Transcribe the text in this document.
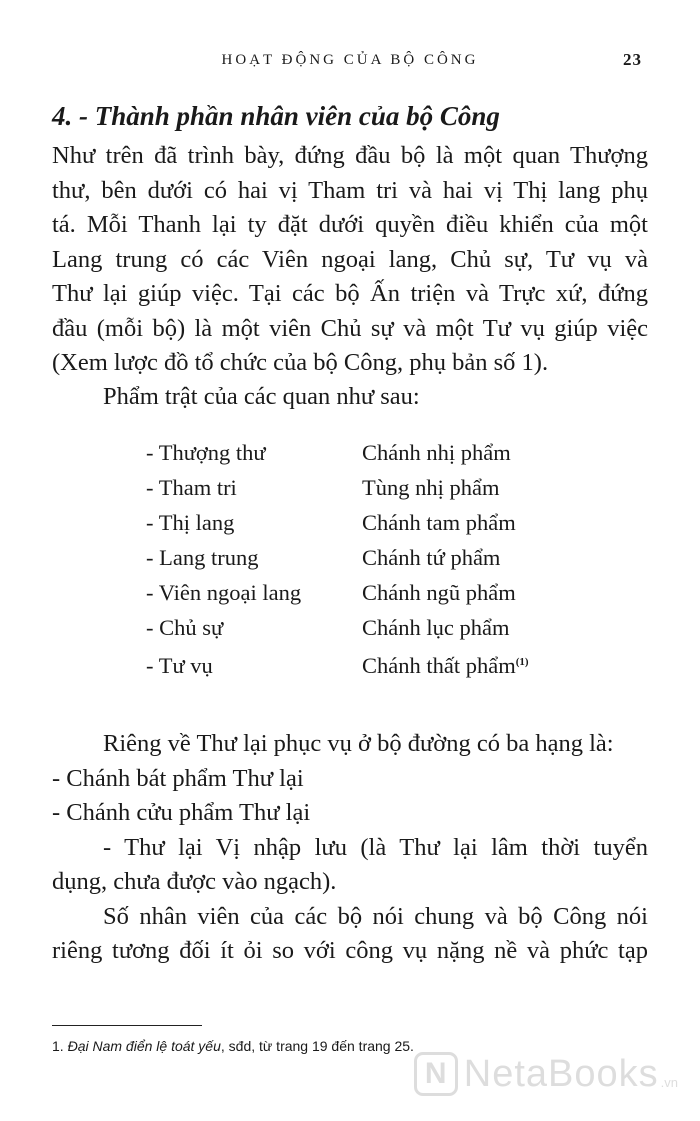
HOẠT ĐỘNG CỦA BỘ CÔNG	23
4. - Thành phần nhân viên của bộ Công
Như trên đã trình bày, đứng đầu bộ là một quan Thượng
thư, bên dưới có hai vị Tham tri và hai vị Thị lang phụ
tá. Mỗi Thanh lại ty đặt dưới quyền điều khiển của một
Lang trung có các Viên ngoại lang, Chủ sự, Tư vụ và
Thư lại giúp việc. Tại các bộ Ấn triện và Trực xứ, đứng
đầu (mỗi bộ) là một viên Chủ sự và một Tư vụ giúp việc
(Xem lược đồ tổ chức của bộ Công, phụ bản số 1).
Phẩm trật của các quan như sau:
- Thượng thư	Chánh nhị phẩm
- Tham tri	Tùng nhị phẩm
- Thị lang	Chánh tam phẩm
- Lang trung	Chánh tứ phẩm
- Viên ngoại lang	Chánh ngũ phẩm
- Chủ sự	Chánh lục phẩm
- Tư vụ	Chánh thất phẩm$^{(1)}$
Riêng về Thư lại phục vụ ở bộ đường có ba hạng là:
- Chánh bát phẩm Thư lại
- Chánh cửu phẩm Thư lại
- Thư lại Vị nhập lưu (là Thư lại lâm thời tuyển
dụng, chưa được vào ngạch).
Số nhân viên của các bộ nói chung và bộ Công nói
riêng tương đối ít ỏi so với công vụ nặng nề và phức tạp
1. Đại Nam điển lệ toát yếu, sđd, từ trang 19 đến trang 25.
N NetaBooks .vn
